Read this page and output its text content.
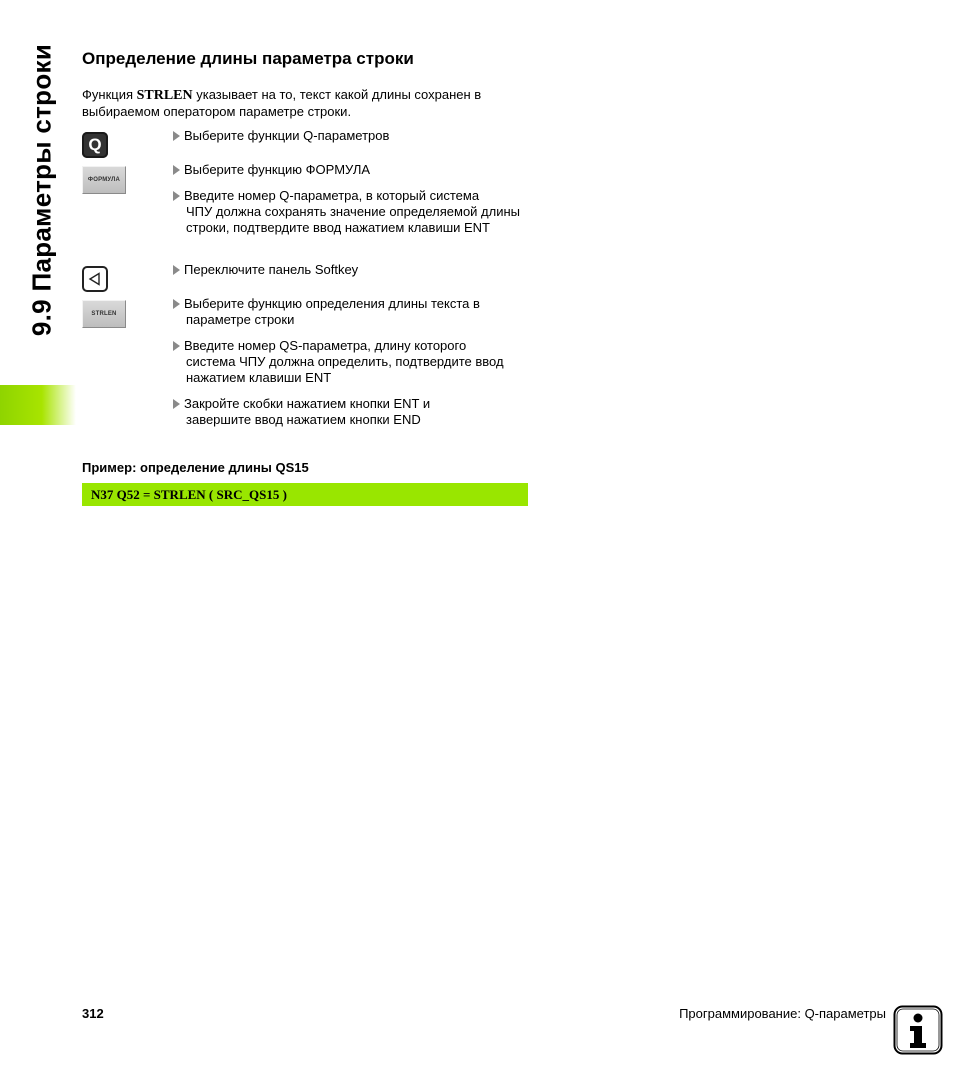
9.9 Параметры строки Определение длины параметра строки
Функция STRLEN указывает на то, текст какой длины сохранен в выбираемом оператором параметре строки.
Q
ФОРМУЛА
STRLEN
Выберите функции Q-параметров
Выберите функцию ФОРМУЛА
Введите номер Q-параметра, в который система
ЧПУ должна сохранять значение определяемой длины строки, подтвердите ввод нажатием клавиши ENT
Переключите панель Softkey
Выберите функцию определения длины текста в
параметре строки
Введите номер QS-параметра, длину которого
система ЧПУ должна определить, подтвердите ввод нажатием клавиши ENT
Закройте скобки нажатием кнопки ENT и
завершите ввод нажатием кнопки END
Пример: определение длины QS15
N37 Q52 = STRLEN ( SRC_QS15 )
312	Программирование: Q-параметры
